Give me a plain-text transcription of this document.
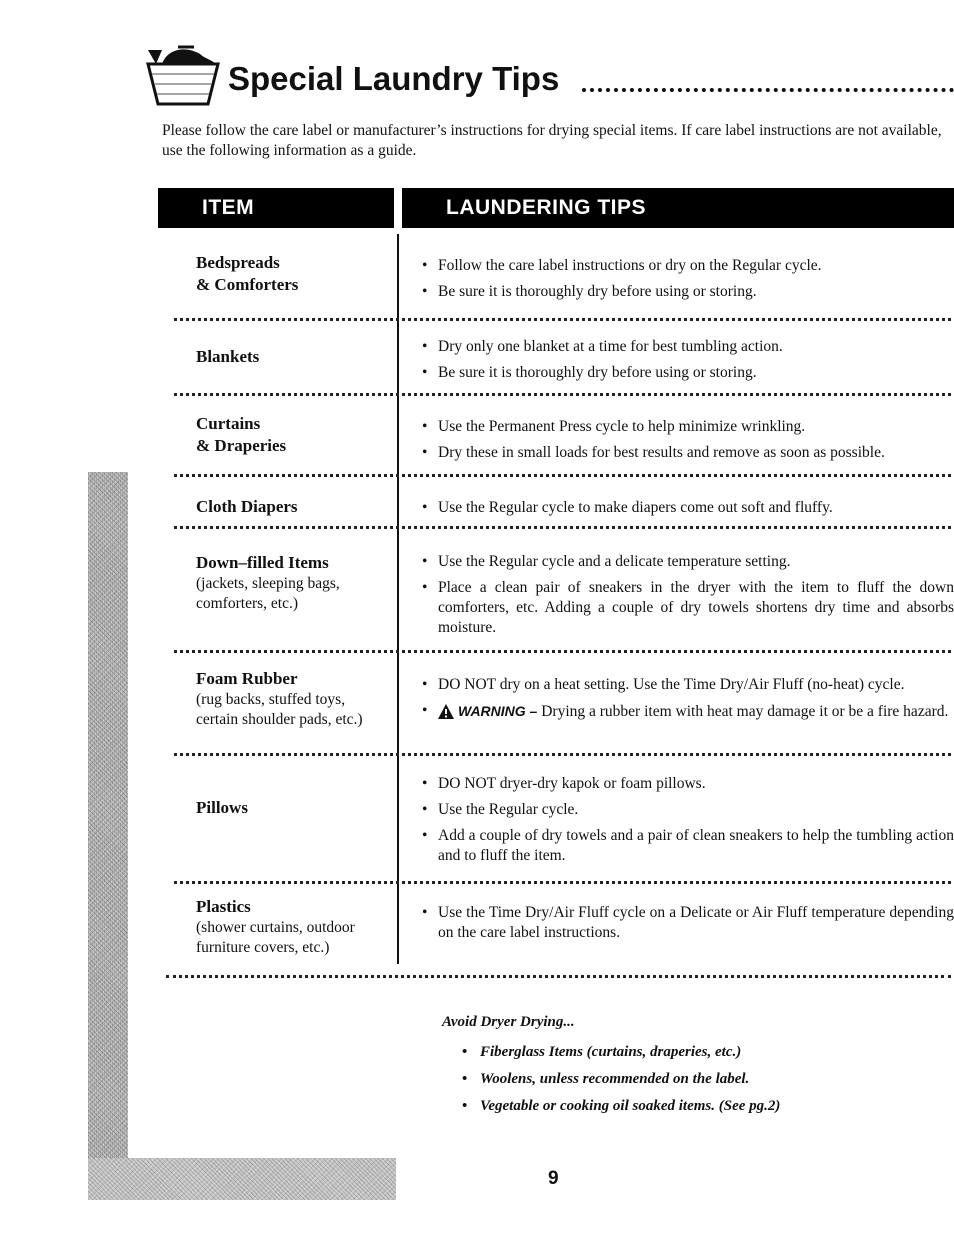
Special Laundry Tips
Please follow the care label or manufacturer’s instructions for drying special items. If care label instructions are not available, use the following information as a guide.
ITEM	LAUNDERING TIPS
Bedspreads
& Comforters
• Follow the care label instructions or dry on the Regular cycle.
• Be sure it is thoroughly dry before using or storing.
Blankets
• Dry only one blanket at a time for best tumbling action.
• Be sure it is thoroughly dry before using or storing.
Curtains
& Draperies
• Use the Permanent Press cycle to help minimize wrinkling.
• Dry these in small loads for best results and remove as soon as possible.
Cloth Diapers
•	Use the Regular cycle to make diapers come out soft and fluffy.
Down–filled Items
(jackets, sleeping bags, comforters, etc.)
• Use the Regular cycle and a delicate temperature setting.
• Place a clean pair of sneakers in the dryer with the item to fluff the down comforters, etc. Adding a couple of dry towels shortens dry time and absorbs moisture.
Foam Rubber
(rug backs, stuffed toys, certain shoulder pads, etc.)
• DO NOT dry on a heat setting. Use the Time Dry/Air Fluff (no-heat) cycle.
• WARNING – Drying a rubber item with heat may damage it or be a fire hazard.
Pillows
• DO NOT dryer-dry kapok or foam pillows.
• Use the Regular cycle.
• Add a couple of dry towels and a pair of clean sneakers to help the tumbling action and to fluff the item.
Plastics
(shower curtains, outdoor furniture covers, etc.)
• Use the Time Dry/Air Fluff cycle on a Delicate or Air Fluff temperature depending on the care label instructions.
Avoid Dryer Drying...
• Fiberglass Items (curtains, draperies, etc.)
• Woolens, unless recommended on the label.
• Vegetable or cooking oil soaked items. (See pg.2)
9
